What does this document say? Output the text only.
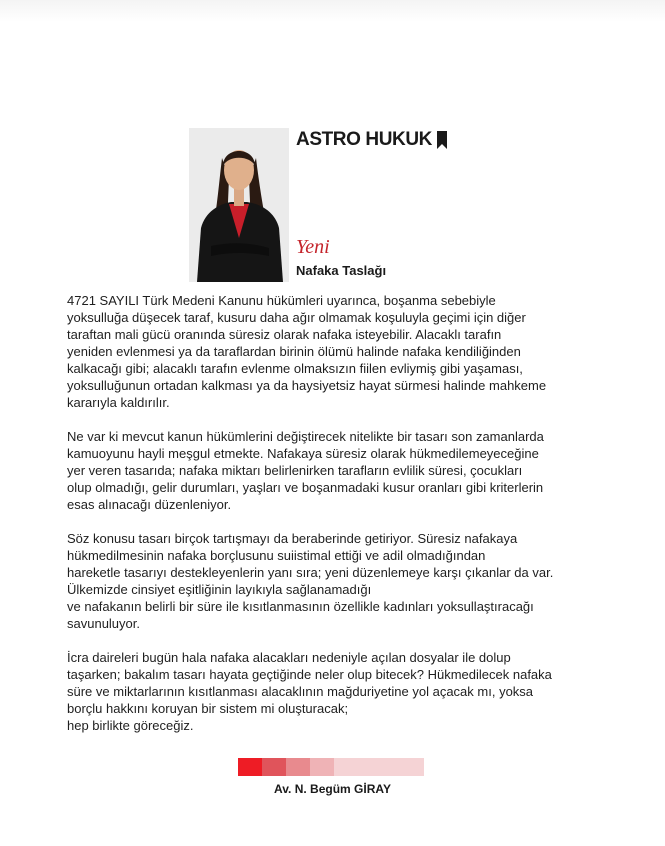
ASTRO HUKUK
Yeni
Nafaka Taslağı

4721 SAYILI Türk Medeni Kanunu hükümleri uyarınca, boşanma sebebiyle
yoksulluğa düşecek taraf, kusuru daha ağır olmamak koşuluyla geçimi için diğer
taraftan mali gücü oranında süresiz olarak nafaka isteyebilir. Alacaklı tarafın
yeniden evlenmesi ya da taraflardan birinin ölümü halinde nafaka kendiliğinden
kalkacağı gibi; alacaklı tarafın evlenme olmaksızın fiilen evliymiş gibi yaşaması,
yoksulluğunun ortadan kalkması ya da haysiyetsiz hayat sürmesi halinde mahkeme
kararıyla kaldırılır.

Ne var ki mevcut kanun hükümlerini değiştirecek nitelikte bir tasarı son zamanlarda
kamuoyunu hayli meşgul etmekte. Nafakaya süresiz olarak hükmedilemeyeceğine
yer veren tasarıda; nafaka miktarı belirlenirken tarafların evlilik süresi, çocukları
olup olmadığı, gelir durumları, yaşları ve boşanmadaki kusur oranları gibi kriterlerin
esas alınacağı düzenleniyor.

Söz konusu tasarı birçok tartışmayı da beraberinde getiriyor. Süresiz nafakaya
hükmedilmesinin nafaka borçlusunu suiistimal ettiği ve adil olmadığından
hareketle tasarıyı destekleyenlerin yanı sıra; yeni düzenlemeye karşı çıkanlar da var.
Ülkemizde cinsiyet eşitliğinin layıkıyla sağlanamadığı
ve nafakanın belirli bir süre ile kısıtlanmasının özellikle kadınları yoksullaştıracağı
savunuluyor.

İcra daireleri bugün hala nafaka alacakları nedeniyle açılan dosyalar ile dolup
taşarken; bakalım tasarı hayata geçtiğinde neler olup bitecek? Hükmedilecek nafaka
süre ve miktarlarının kısıtlanması alacaklının mağduriyetine yol açacak mı, yoksa
borçlu hakkını koruyan bir sistem mi oluşturacak;
hep birlikte göreceğiz.

Av. N. Begüm GİRAY
